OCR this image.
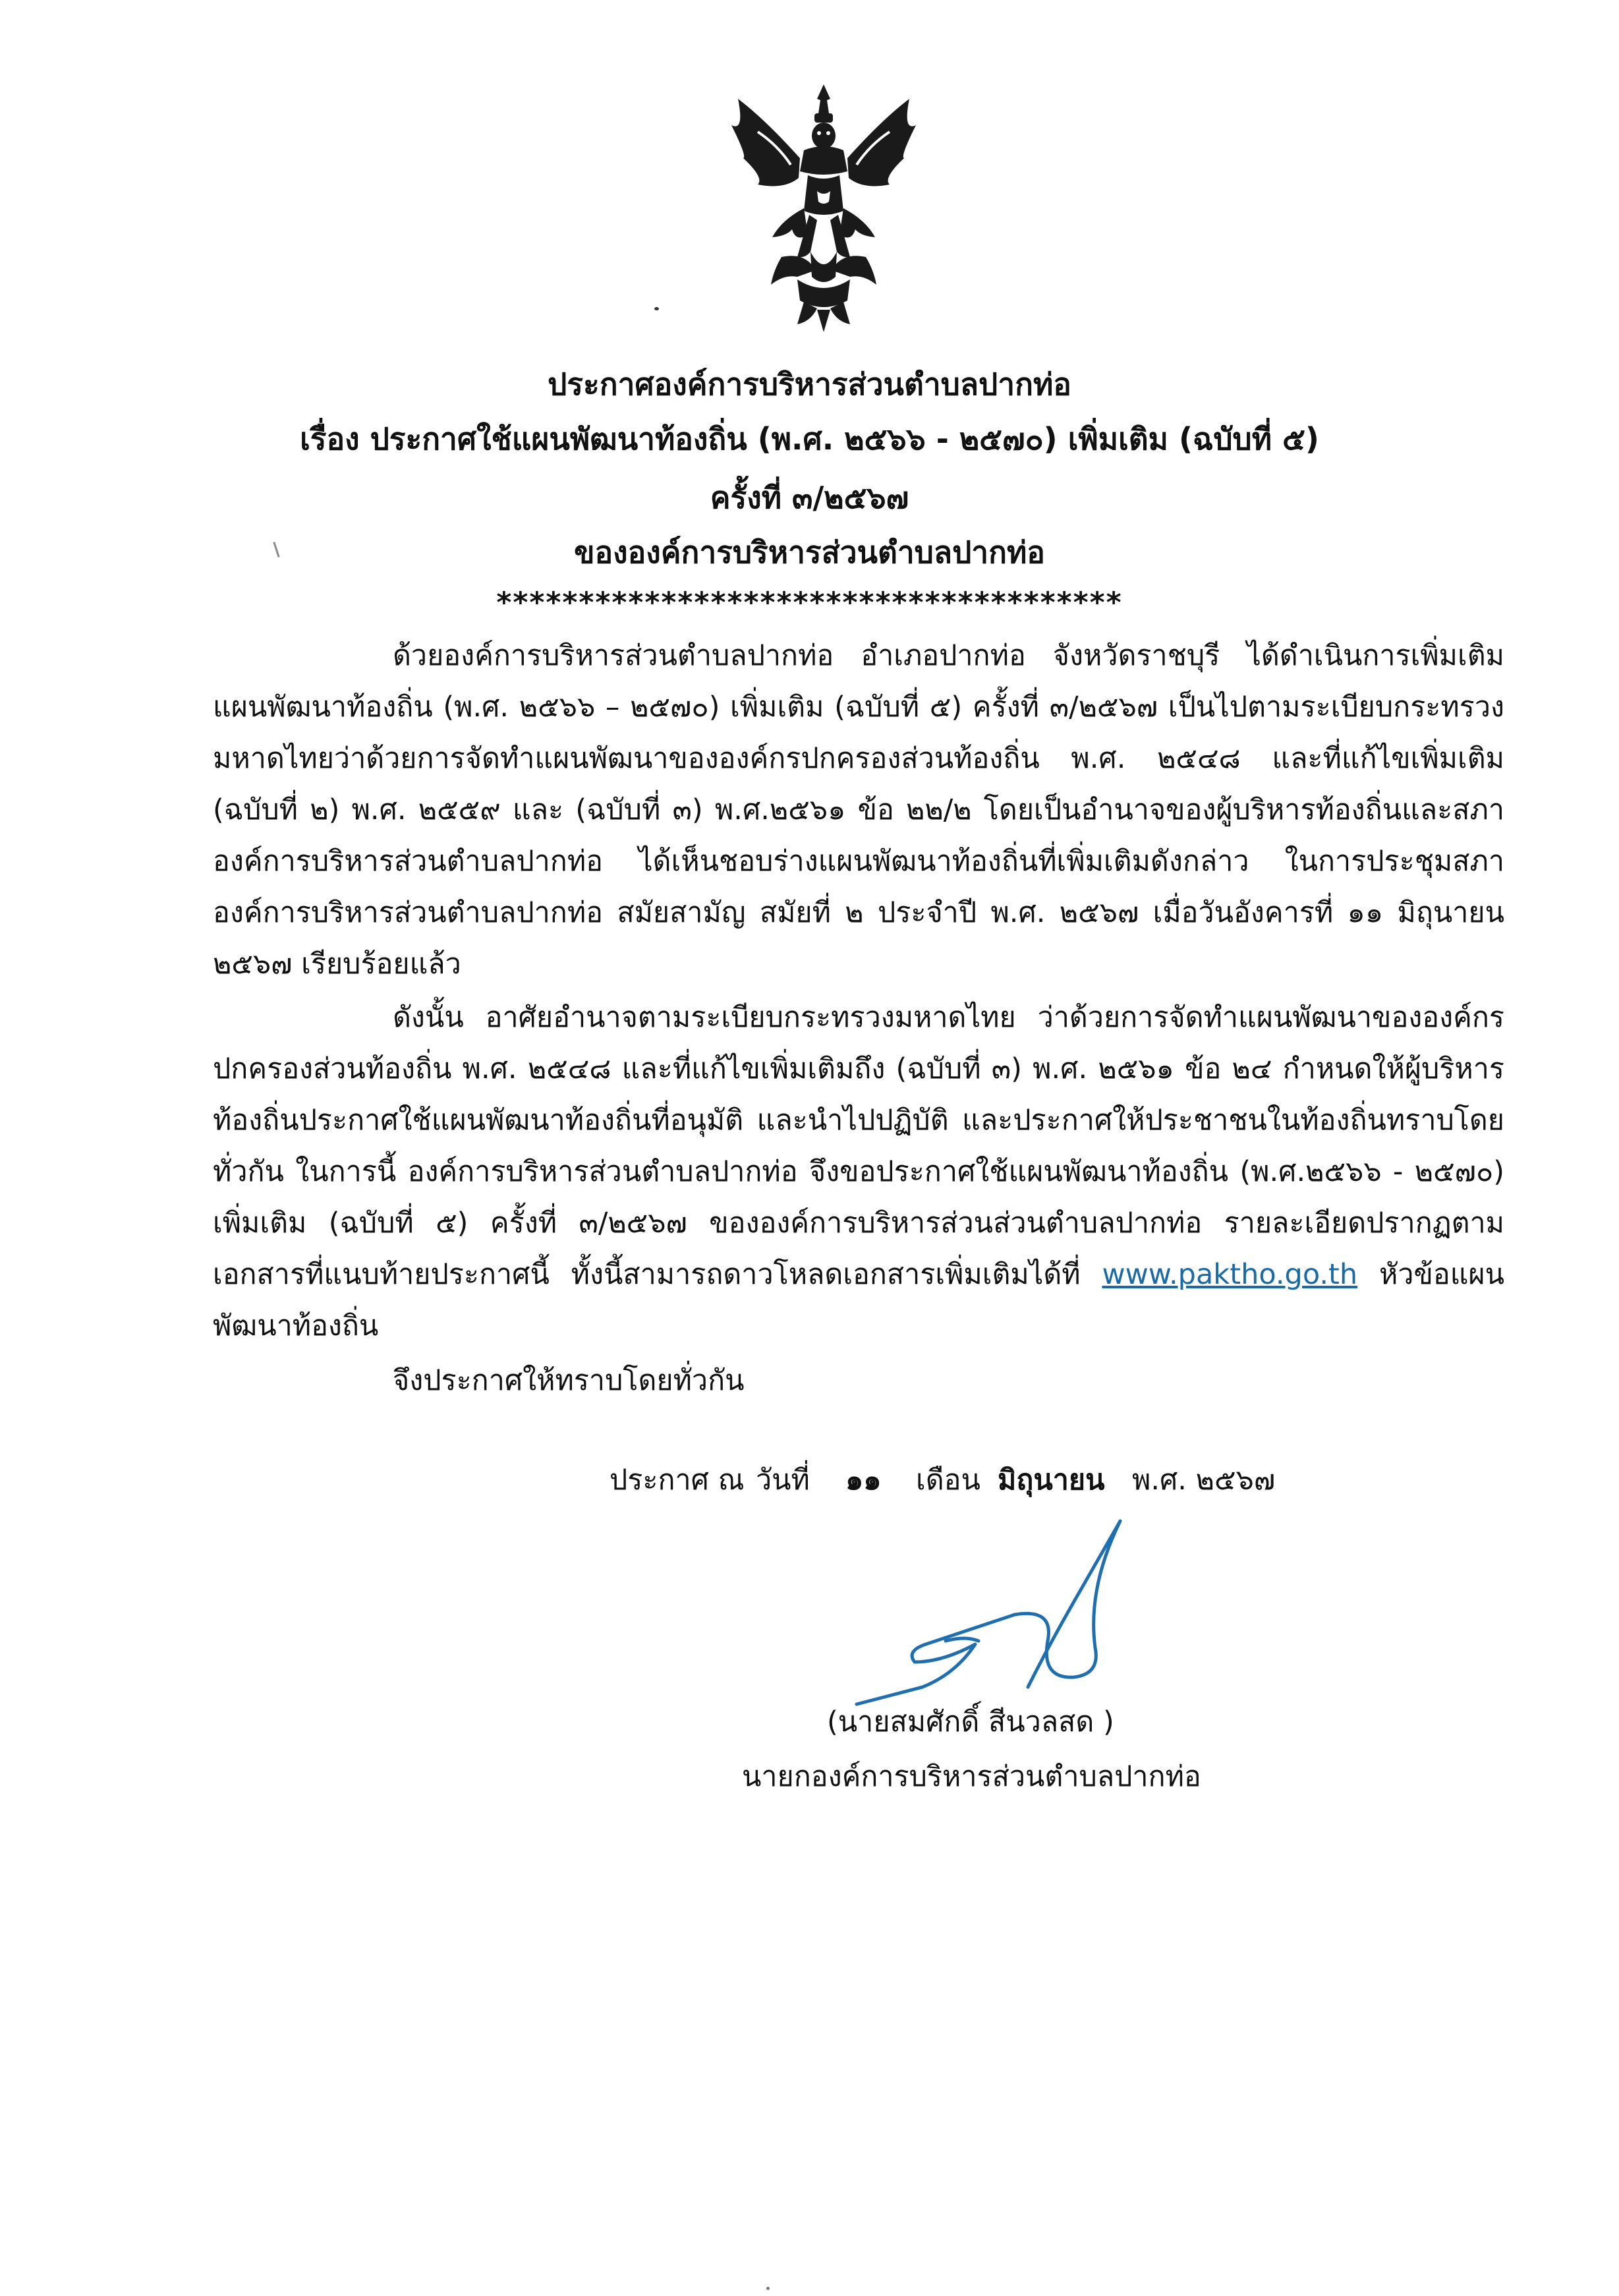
ประกาศองค์การบริหารส่วนตำบลปากท่อ
เรื่อง ประกาศใช้แผนพัฒนาท้องถิ่น (พ.ศ. ๒๕๖๖ - ๒๕๗๐) เพิ่มเติม (ฉบับที่ ๕)
ครั้งที่ ๓/๒๕๖๗
ขององค์การบริหารส่วนตำบลปากท่อ
**************************************

ด้วยองค์การบริหารส่วนตำบลปากท่อ อำเภอปากท่อ จังหวัดราชบุรี ได้ดำเนินการเพิ่มเติมแผนพัฒนาท้องถิ่น (พ.ศ. ๒๕๖๖ – ๒๕๗๐) เพิ่มเติม (ฉบับที่ ๕) ครั้งที่ ๓/๒๕๖๗ เป็นไปตามระเบียบกระทรวงมหาดไทยว่าด้วยการจัดทำแผนพัฒนาขององค์กรปกครองส่วนท้องถิ่น พ.ศ. ๒๕๔๘ และที่แก้ไขเพิ่มเติม (ฉบับที่ ๒) พ.ศ. ๒๕๕๙ และ (ฉบับที่ ๓) พ.ศ.๒๕๖๑ ข้อ ๒๒/๒ โดยเป็นอำนาจของผู้บริหารท้องถิ่นและสภาองค์การบริหารส่วนตำบลปากท่อ ได้เห็นชอบร่างแผนพัฒนาท้องถิ่นที่เพิ่มเติมดังกล่าว ในการประชุมสภาองค์การบริหารส่วนตำบลปากท่อ สมัยสามัญ สมัยที่ ๒ ประจำปี พ.ศ. ๒๕๖๗ เมื่อวันอังคารที่ ๑๑ มิถุนายน ๒๕๖๗ เรียบร้อยแล้ว

ดังนั้น อาศัยอำนาจตามระเบียบกระทรวงมหาดไทย ว่าด้วยการจัดทำแผนพัฒนาขององค์กรปกครองส่วนท้องถิ่น พ.ศ. ๒๕๔๘ และที่แก้ไขเพิ่มเติมถึง (ฉบับที่ ๓) พ.ศ. ๒๕๖๑ ข้อ ๒๔ กำหนดให้ผู้บริหารท้องถิ่นประกาศใช้แผนพัฒนาท้องถิ่นที่อนุมัติ และนำไปปฏิบัติ และประกาศให้ประชาชนในท้องถิ่นทราบโดยทั่วกัน ในการนี้ องค์การบริหารส่วนตำบลปากท่อ จึงขอประกาศใช้แผนพัฒนาท้องถิ่น (พ.ศ.๒๕๖๖ - ๒๕๗๐) เพิ่มเติม (ฉบับที่ ๕) ครั้งที่ ๓/๒๕๖๗ ขององค์การบริหารส่วนส่วนตำบลปากท่อ รายละเอียดปรากฏตามเอกสารที่แนบท้ายประกาศนี้ ทั้งนี้สามารถดาวโหลดเอกสารเพิ่มเติมได้ที่ www.paktho.go.th หัวข้อแผนพัฒนาท้องถิ่น

จึงประกาศให้ทราบโดยทั่วกัน

ประกาศ ณ วันที่ ๑๑ เดือน มิถุนายน พ.ศ. ๒๕๖๗
(นายสมศักดิ์ สีนวลสด )
นายกองค์การบริหารส่วนตำบลปากท่อ
